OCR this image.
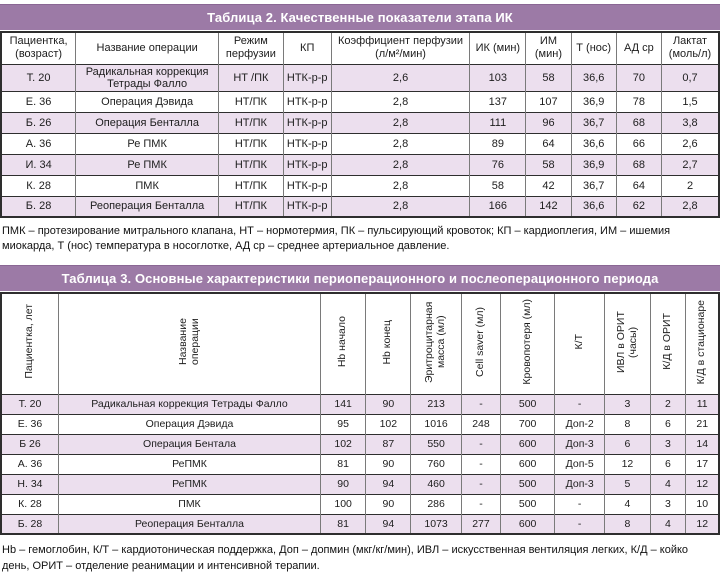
Таблица 2. Качественные показатели этапа ИК
Пациентка, (возраст)	Название операции	Режим перфузии	КП	Коэффициент перфузии (л/м²/мин)	ИК (мин)	ИМ (мин)	Т (нос)	АД ср	Лактат (моль/л)
Т. 20	Радикальная коррекция Тетрады Фалло	НТ /ПК	НТК-р-р	2,6	103	58	36,6	70	0,7
Е. 36	Операция Дэвида	НТ/ПК	НТК-р-р	2,8	137	107	36,9	78	1,5
Б. 26	Операция Бенталла	НТ/ПК	НТК-р-р	2,8	111	96	36,7	68	3,8
А. 36	Ре ПМК	НТ/ПК	НТК-р-р	2,8	89	64	36,6	66	2,6
И. 34	Ре ПМК	НТ/ПК	НТК-р-р	2,8	76	58	36,9	68	2,7
К. 28	ПМК	НТ/ПК	НТК-р-р	2,8	58	42	36,7	64	2
Б. 28	Реоперация Бенталла	НТ/ПК	НТК-р-р	2,8	166	142	36,6	62	2,8

ПМК – протезирование митрального клапана, НТ – нормотермия, ПК – пульсирующий кровоток; КП – кардиоплегия, ИМ – ишемия миокарда, Т (нос) температура в носоглотке, АД ср – среднее артериальное давление.

Таблица 3. Основные характеристики периоперационного и послеоперационного периода
Пациентка, лет	Название операции	Нb начало	Нb конец	Эритроцитарная масса (мл)	Cell saver (мл)	Кровопотеря (мл)	К/Т	ИВЛ в ОРИТ (часы)	К/Д в ОРИТ	К/Д в стационаре
Т. 20	Радикальная коррекция Тетрады Фалло	141	90	213	-	500	-	3	2	11
Е. 36	Операция Дэвида	95	102	1016	248	700	Доп-2	8	6	21
Б 26	Операция Бентала	102	87	550	-	600	Доп-3	6	3	14
А. 36	РеПМК	81	90	760	-	600	Доп-5	12	6	17
Н. 34	РеПМК	90	94	460	-	500	Доп-3	5	4	12
К. 28	ПМК	100	90	286	-	500	-	4	3	10
Б. 28	Реоперация Бенталла	81	94	1073	277	600	-	8	4	12

Нb – гемоглобин, К/Т – кардиотоническая поддержка, Доп – допмин (мкг/кг/мин), ИВЛ – искусственная вентиляция легких, К/Д – койко день, ОРИТ – отделение реанимации и интенсивной терапии.
